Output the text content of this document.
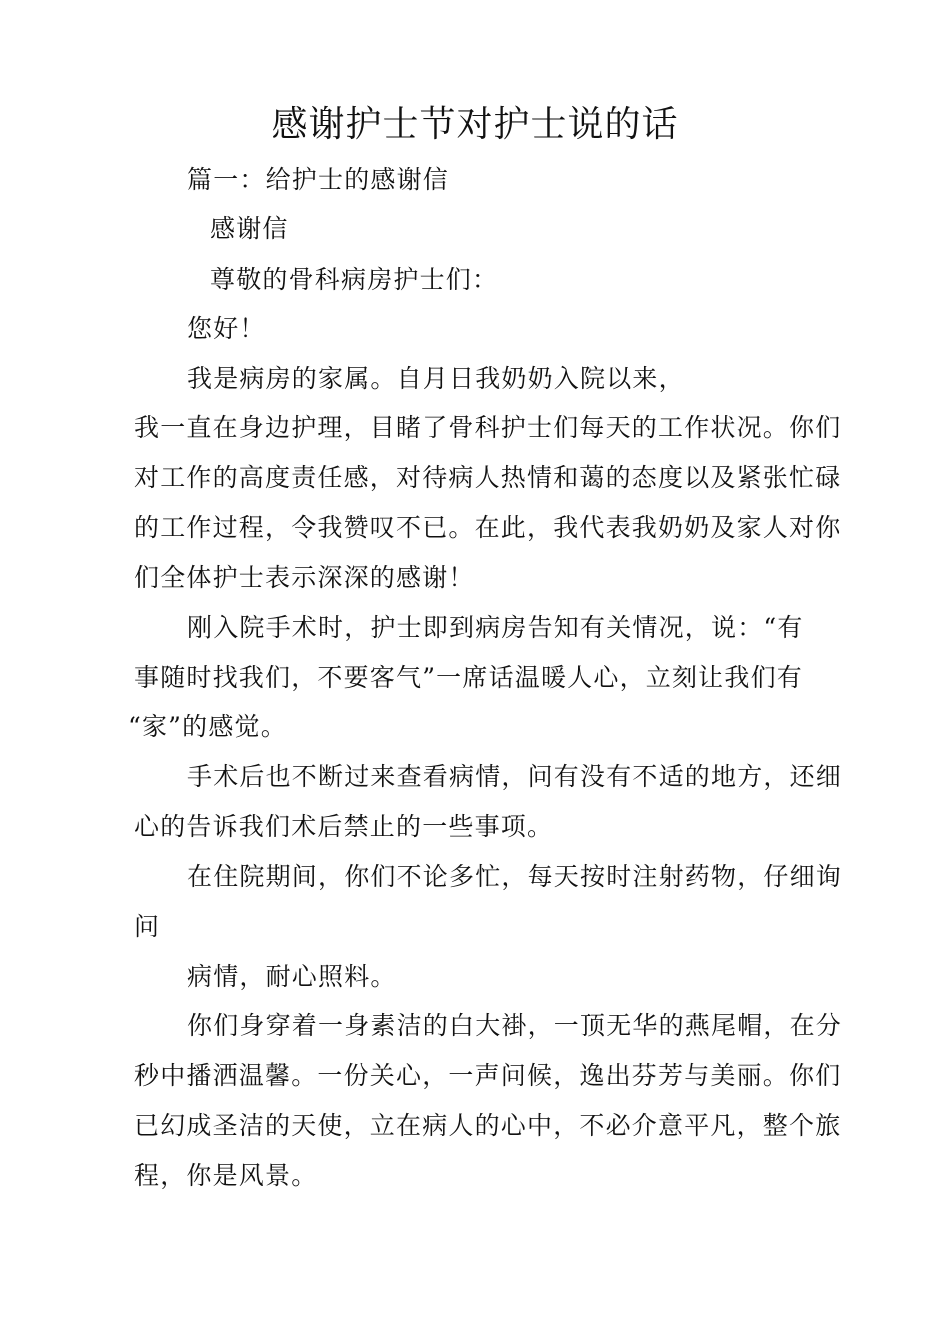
感谢护士节对护士说的话
篇一：给护士的感谢信
感谢信
尊敬的骨科病房护士们：
您好！
我是病房的家属。自月日我奶奶入院以来，
我一直在身边护理，目睹了骨科护士们每天的工作状况。你们
对工作的高度责任感，对待病人热情和蔼的态度以及紧张忙碌
的工作过程，令我赞叹不已。在此，我代表我奶奶及家人对你
们全体护士表示深深的感谢！
刚入院手术时，护士即到病房告知有关情况，说：“有
事随时找我们，不要客气”一席话温暖人心，立刻让我们有
“家”的感觉。
手术后也不断过来查看病情，问有没有不适的地方，还细
心的告诉我们术后禁止的一些事项。
在住院期间，你们不论多忙，每天按时注射药物，仔细询
问
病情，耐心照料。
你们身穿着一身素洁的白大褂，一顶无华的燕尾帽，在分
秒中播洒温馨。一份关心，一声问候，逸出芬芳与美丽。你们
已幻成圣洁的天使，立在病人的心中，不必介意平凡，整个旅
程，你是风景。
